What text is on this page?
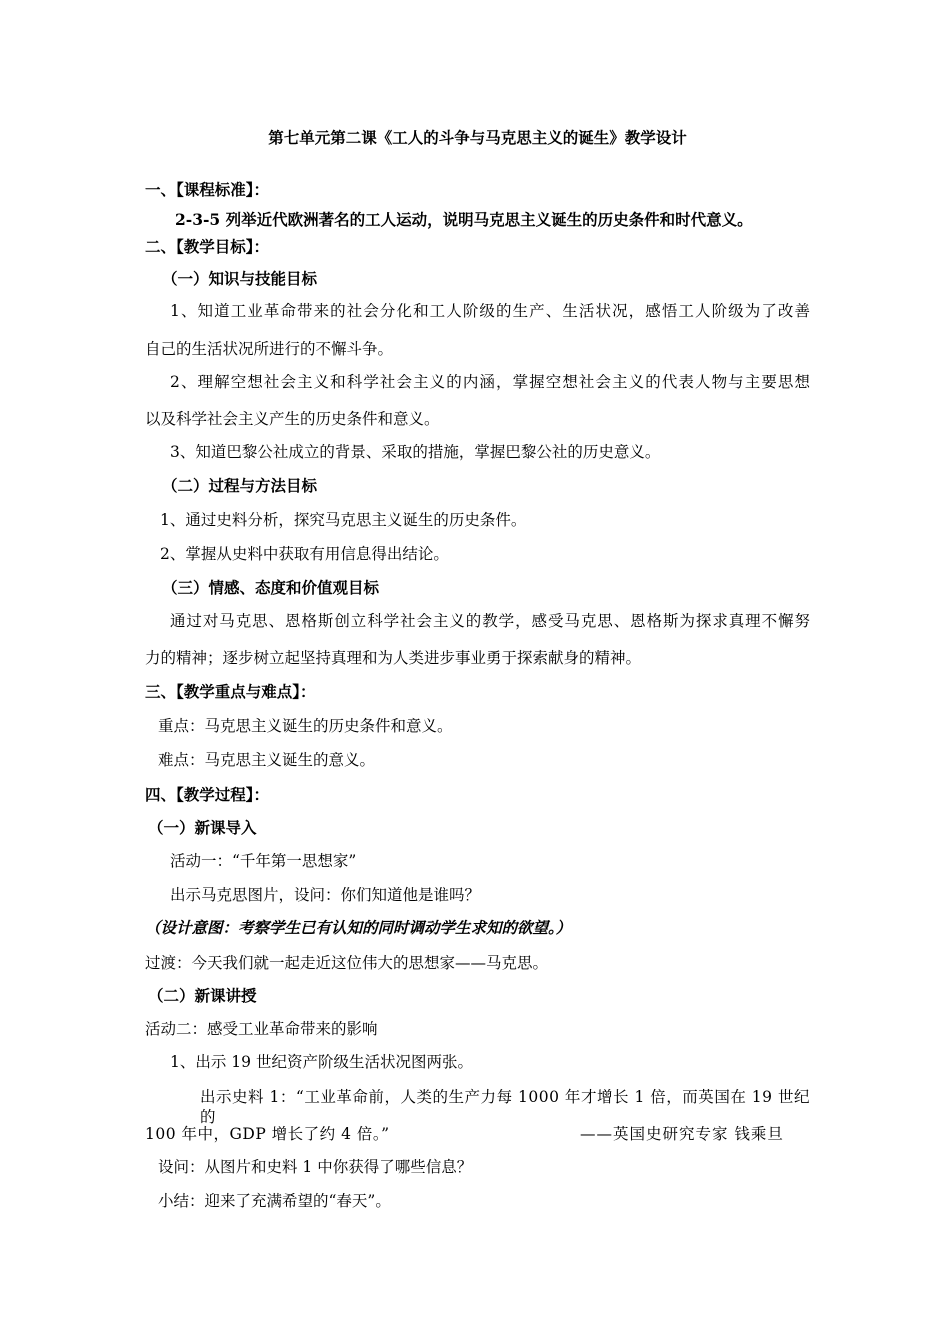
第七单元第二课《工人的斗争与马克思主义的诞生》教学设计
一、【课程标准】：
2-3-5 列举近代欧洲著名的工人运动，说明马克思主义诞生的历史条件和时代意义。
二、【教学目标】：
（一）知识与技能目标
1、知道工业革命带来的社会分化和工人阶级的生产、生活状况，感悟工人阶级为了改善
自己的生活状况所进行的不懈斗争。
2、理解空想社会主义和科学社会主义的内涵，掌握空想社会主义的代表人物与主要思想
以及科学社会主义产生的历史条件和意义。
3、知道巴黎公社成立的背景、采取的措施，掌握巴黎公社的历史意义。
（二）过程与方法目标
1、通过史料分析，探究马克思主义诞生的历史条件。
2、掌握从史料中获取有用信息得出结论。
（三）情感、态度和价值观目标
通过对马克思、恩格斯创立科学社会主义的教学，感受马克思、恩格斯为探求真理不懈努
力的精神；逐步树立起坚持真理和为人类进步事业勇于探索献身的精神。
三、【教学重点与难点】：
重点：马克思主义诞生的历史条件和意义。
难点：马克思主义诞生的意义。
四、【教学过程】：
（一）新课导入
活动一：“千年第一思想家”
出示马克思图片，设问：你们知道他是谁吗？
（设计意图：考察学生已有认知的同时调动学生求知的欲望。）
过渡：今天我们就一起走近这位伟大的思想家——马克思。
（二）新课讲授
活动二：感受工业革命带来的影响
1、出示 19 世纪资产阶级生活状况图两张。
出示史料 1：“工业革命前，人类的生产力每 1000 年才增长 1 倍，而英国在 19 世纪的
100 年中，GDP 增长了约 4 倍。”	——英国史研究专家 钱乘旦
设问：从图片和史料 1 中你获得了哪些信息？
小结：迎来了充满希望的“春天”。
